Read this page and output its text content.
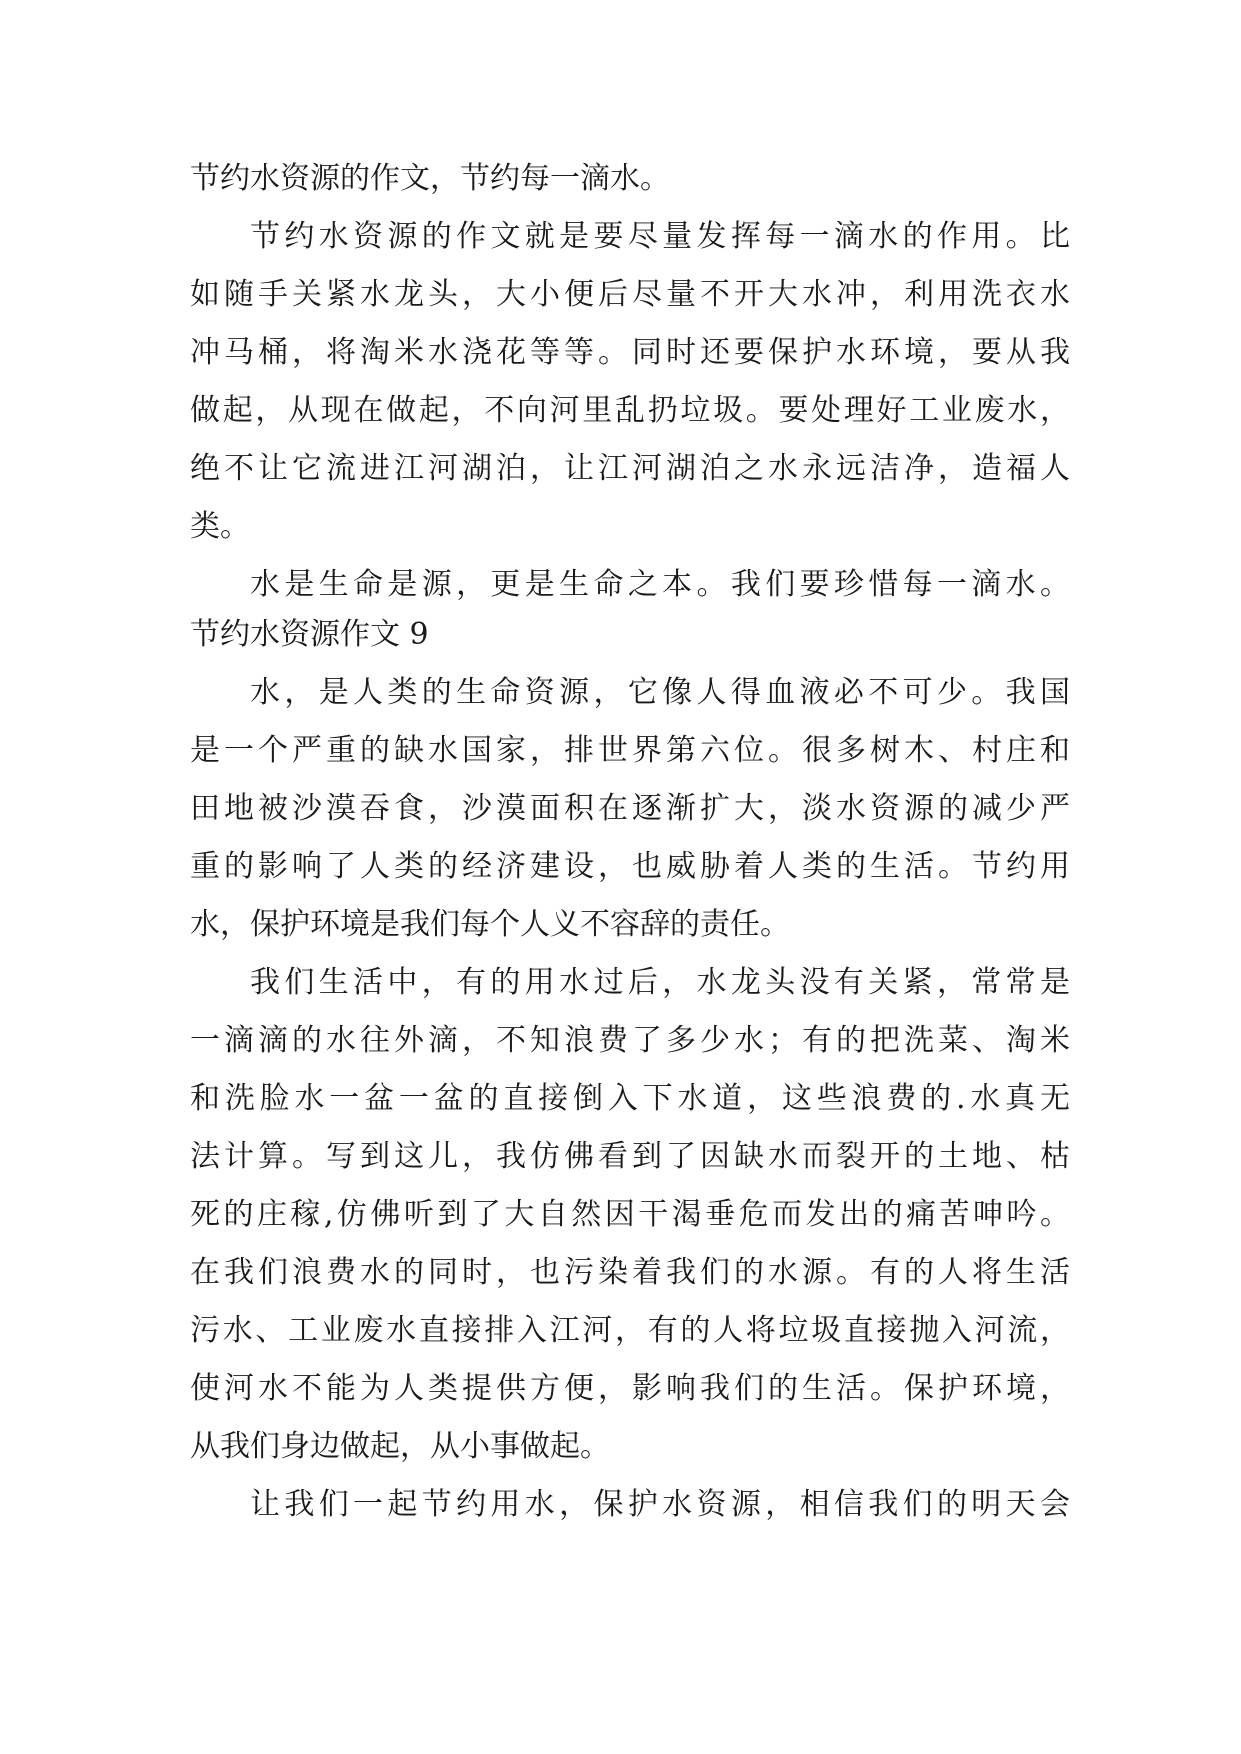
节约水资源的作文，节约每一滴水。
节约水资源的作文就是要尽量发挥每一滴水的作用。比
如随手关紧水龙头，大小便后尽量不开大水冲，利用洗衣水
冲马桶，将淘米水浇花等等。同时还要保护水环境，要从我
做起，从现在做起，不向河里乱扔垃圾。要处理好工业废水，
绝不让它流进江河湖泊，让江河湖泊之水永远洁净，造福人
类。
水是生命是源，更是生命之本。我们要珍惜每一滴水。
节约水资源作文 9
水，是人类的生命资源，它像人得血液必不可少。我国
是一个严重的缺水国家，排世界第六位。很多树木、村庄和
田地被沙漠吞食，沙漠面积在逐渐扩大，淡水资源的减少严
重的影响了人类的经济建设，也威胁着人类的生活。节约用
水，保护环境是我们每个人义不容辞的责任。
我们生活中，有的用水过后，水龙头没有关紧，常常是
一滴滴的水往外滴，不知浪费了多少水；有的把洗菜、淘米
和洗脸水一盆一盆的直接倒入下水道，这些浪费的.水真无
法计算。写到这儿，我仿佛看到了因缺水而裂开的土地、枯
死的庄稼,仿佛听到了大自然因干渴垂危而发出的痛苦呻吟。
在我们浪费水的同时，也污染着我们的水源。有的人将生活
污水、工业废水直接排入江河，有的人将垃圾直接抛入河流，
使河水不能为人类提供方便，影响我们的生活。保护环境，
从我们身边做起，从小事做起。
让我们一起节约用水，保护水资源，相信我们的明天会
